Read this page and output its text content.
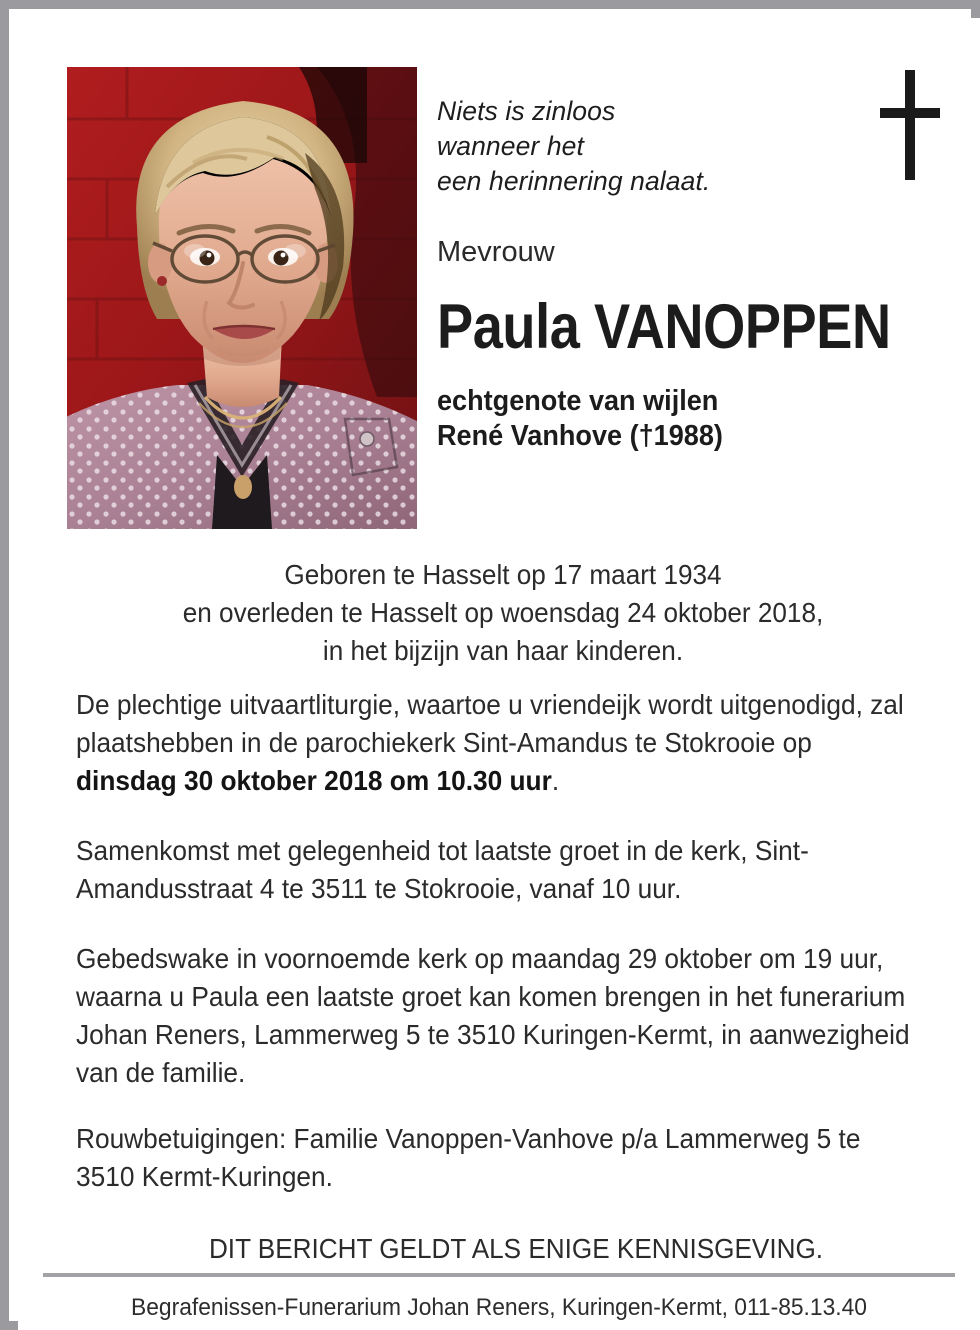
Niets is zinloos
wanneer het
een herinnering nalaat.
Mevrouw
Paula VANOPPEN
echtgenote van wijlen
René Vanhove (†1988)
Geboren te Hasselt op 17 maart 1934
en overleden te Hasselt op woensdag 24 oktober 2018,
in het bijzijn van haar kinderen.
De plechtige uitvaartliturgie, waartoe u vriendeijk wordt uitgenodigd, zal plaatshebben in de parochiekerk Sint-Amandus te Stokrooie op dinsdag 30 oktober 2018 om 10.30 uur.
Samenkomst met gelegenheid tot laatste groet in de kerk, Sint-Amandusstraat 4 te 3511 te Stokrooie, vanaf 10 uur.
Gebedswake in voornoemde kerk op maandag 29 oktober om 19 uur, waarna u Paula een laatste groet kan komen brengen in het funerarium Johan Reners, Lammerweg 5 te 3510 Kuringen-Kermt, in aanwezigheid van de familie.
Rouwbetuigingen: Familie Vanoppen-Vanhove p/a Lammerweg 5 te 3510 Kermt-Kuringen.
DIT BERICHT GELDT ALS ENIGE KENNISGEVING.
Begrafenissen-Funerarium Johan Reners, Kuringen-Kermt, 011-85.13.40
